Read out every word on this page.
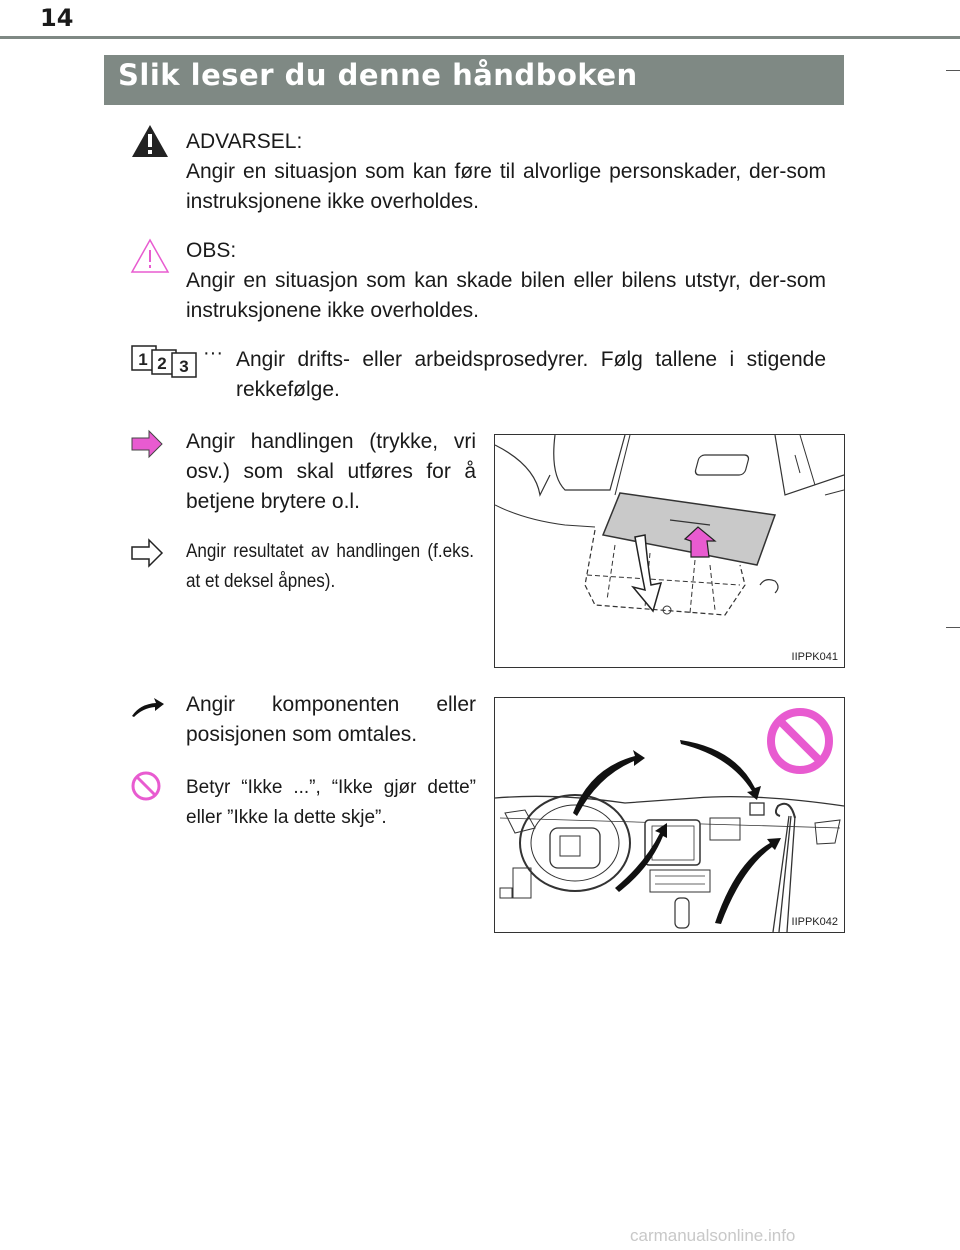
14
Slik leser du denne håndboken
ADVARSEL:
Angir en situasjon som kan føre til alvorlige personskader, der-som instruksjonene ikke overholdes.
OBS:
Angir en situasjon som kan skade bilen eller bilens utstyr, der-som instruksjonene ikke overholdes.
1 2 3
··· Angir drifts- eller arbeidsprosedyrer. Følg tallene i stigende rekkefølge.
Angir handlingen (trykke, vri osv.) som skal utføres for å betjene brytere o.l.
Angir resultatet av handlingen (f.eks. at et deksel åpnes).
IIPPK041
Angir komponenten eller posisjonen som omtales.
Betyr “Ikke ...”, “Ikke gjør dette” eller ”Ikke la dette skje”.
IIPPK042
carmanualsonline.info
